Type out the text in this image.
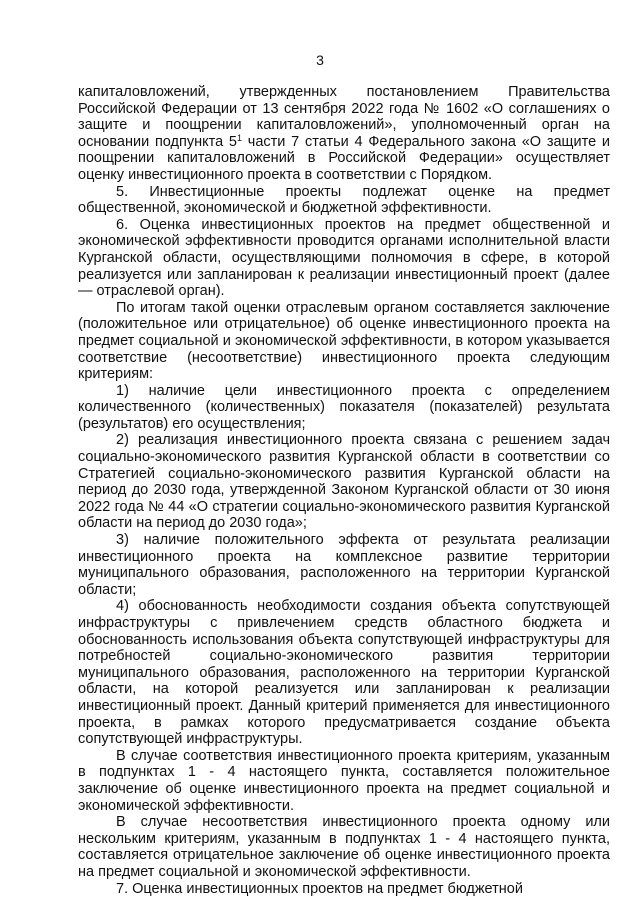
3

капиталовложений, утвержденных постановлением Правительства Российской Федерации от 13 сентября 2022 года № 1602 «О соглашениях о защите и поощрении капиталовложений», уполномоченный орган на основании подпункта $5^1$ части 7 статьи 4 Федерального закона «О защите и поощрении капиталовложений в Российской Федерации» осуществляет оценку инвестиционного проекта в соответствии с Порядком.

5. Инвестиционные проекты подлежат оценке на предмет общественной, экономической и бюджетной эффективности.

6. Оценка инвестиционных проектов на предмет общественной и экономической эффективности проводится органами исполнительной власти Курганской области, осуществляющими полномочия в сфере, в которой реализуется или запланирован к реализации инвестиционный проект (далее — отраслевой орган).

По итогам такой оценки отраслевым органом составляется заключение (положительное или отрицательное) об оценке инвестиционного проекта на предмет социальной и экономической эффективности, в котором указывается соответствие (несоответствие) инвестиционного проекта следующим критериям:

1) наличие цели инвестиционного проекта с определением количественного (количественных) показателя (показателей) результата (результатов) его осуществления;

2) реализация инвестиционного проекта связана с решением задач социально-экономического развития Курганской области в соответствии со Стратегией социально-экономического развития Курганской области на период до 2030 года, утвержденной Законом Курганской области от 30 июня 2022 года № 44 «О стратегии социально-экономического развития Курганской области на период до 2030 года»;

3) наличие положительного эффекта от результата реализации инвестиционного проекта на комплексное развитие территории муниципального образования, расположенного на территории Курганской области;

4) обоснованность необходимости создания объекта сопутствующей инфраструктуры с привлечением средств областного бюджета и обоснованность использования объекта сопутствующей инфраструктуры для потребностей социально-экономического развития территории муниципального образования, расположенного на территории Курганской области, на которой реализуется или запланирован к реализации инвестиционный проект. Данный критерий применяется для инвестиционного проекта, в рамках которого предусматривается создание объекта сопутствующей инфраструктуры.

В случае соответствия инвестиционного проекта критериям, указанным в подпунктах 1 - 4 настоящего пункта, составляется положительное заключение об оценке инвестиционного проекта на предмет социальной и экономической эффективности.

В случае несоответствия инвестиционного проекта одному или нескольким критериям, указанным в подпунктах 1 - 4 настоящего пункта, составляется отрицательное заключение об оценке инвестиционного проекта на предмет социальной и экономической эффективности.

7. Оценка инвестиционных проектов на предмет бюджетной
